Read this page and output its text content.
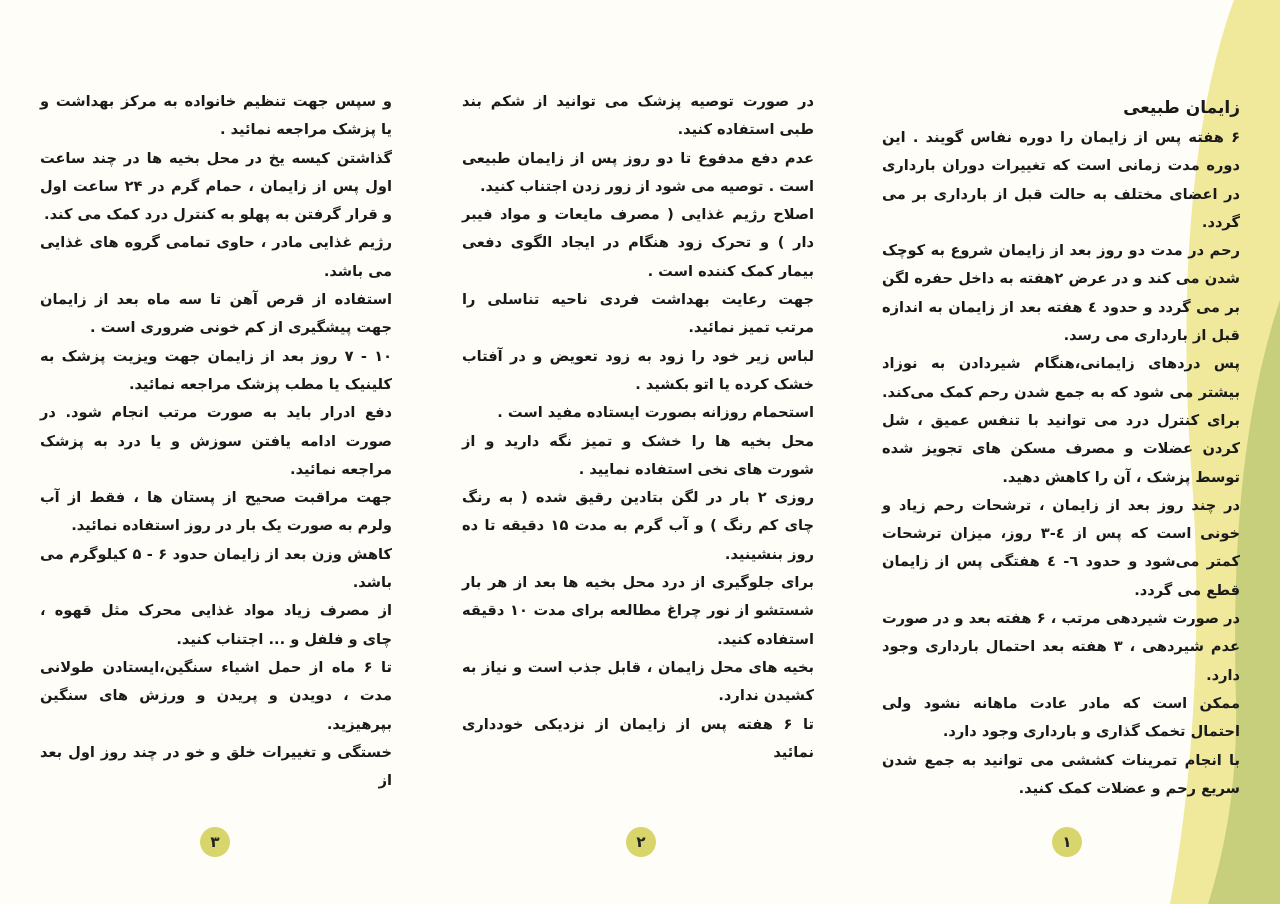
زایمان طبیعی

۶ هفته پس از زایمان را دوره نفاس گویند . این دوره مدت زمانی است که تغییرات دوران بارداری در اعضای مختلف به حالت قبل از بارداری بر می گردد.

رحم در مدت دو روز بعد از زایمان شروع به کوچک شدن می کند و در عرض ۲هفته به داخل حفره لگن بر می گردد و حدود ٤ هفته بعد از زایمان به اندازه قبل از بارداری می رسد.

پس دردهای زایمانی،هنگام شیردادن به نوزاد بیشتر می شود که به جمع شدن رحم کمک می‌کند. برای کنترل درد می توانید با تنفس عمیق ، شل کردن عضلات و مصرف مسکن های تجویز شده توسط پزشک ، آن را کاهش دهید.

در چند روز بعد از زایمان ، ترشحات رحم زیاد و خونی است که پس از ٤-٣ روز، میزان ترشحات کمتر می‌شود و حدود ٦- ٤ هفتگی پس از زایمان قطع می گردد.

در صورت شیردهی مرتب ، ۶ هفته بعد و در صورت عدم شیردهی ، ۳ هفته بعد احتمال بارداری وجود دارد.

ممکن است که مادر عادت ماهانه نشود ولی احتمال تخمک گذاری و بارداری وجود دارد.

با انجام تمرینات کششی می توانید به جمع شدن سریع رحم و عضلات کمک کنید.

در صورت توصیه پزشک می توانید از شکم بند طبی استفاده کنید.

عدم دفع مدفوع تا دو روز پس از زایمان طبیعی است . توصیه می شود از زور زدن اجتناب کنید.

اصلاح رژیم غذایی ( مصرف مایعات و مواد فیبر دار ) و تحرک زود هنگام در ایجاد الگوی دفعی بیمار کمک کننده است .

جهت رعایت بهداشت فردی ناحیه تناسلی را مرتب تمیز نمائید.

لباس زیر خود را زود به زود تعویض و در آفتاب خشک کرده یا اتو بکشید .

استحمام روزانه بصورت ایستاده مفید است .

محل بخیه ها را خشک و تمیز نگه دارید و از شورت های نخی استفاده نمایید .

روزی ۲ بار در لگن بتادین رقیق شده ( به رنگ چای کم رنگ ) و آب گرم به مدت ۱۵ دقیقه تا ده روز بنشینید.

برای جلوگیری از درد محل بخیه ها بعد از هر بار شستشو از نور چراغ مطالعه برای مدت ۱۰ دقیقه استفاده کنید.

بخیه های محل زایمان ، قابل جذب است و نیاز به کشیدن ندارد.

تا ۶ هفته پس از زایمان از نزدیکی خودداری نمائید

و سپس جهت تنظیم خانواده به مرکز بهداشت و یا پزشک مراجعه نمائید .

گذاشتن کیسه یخ در محل بخیه ها در چند ساعت اول پس از زایمان ، حمام گرم در ۲۴ ساعت اول و قرار گرفتن به پهلو به کنترل درد کمک می کند.

رژیم غذایی مادر ، حاوی تمامی گروه های غذایی می باشد.

استفاده از قرص آهن تا سه ماه بعد از زایمان جهت پیشگیری از کم خونی ضروری است .

۱۰ - ۷ روز بعد از زایمان جهت ویزیت پزشک به کلینیک یا مطب پزشک مراجعه نمائید.

دفع ادرار باید به صورت مرتب انجام شود. در صورت ادامه یافتن سوزش و یا درد به پزشک مراجعه نمائید.

جهت مراقبت صحیح از پستان ها ، فقط از آب ولرم به صورت یک بار در روز استفاده نمائید.

کاهش وزن بعد از زایمان حدود ۶ - ۵ کیلوگرم می باشد.

از مصرف زیاد مواد غذایی محرک مثل قهوه ، چای و فلفل و ... اجتناب کنید.

تا ۶ ماه از حمل اشیاء سنگین،ایستادن طولانی مدت ، دویدن و پریدن و ورزش های سنگین بپرهیزید.

خستگی و تغییرات خلق و خو در چند روز اول بعد از

۱
۲
۳
